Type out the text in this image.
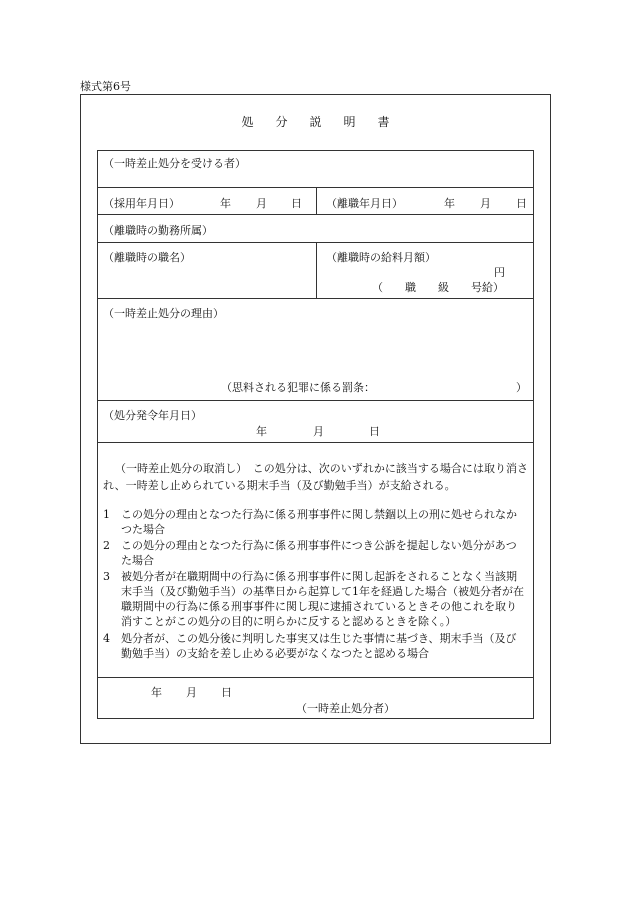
様式第6号
処分説明書
（一時差止処分を受ける者）
（採用年月日）	年 月 日 （離職年月日）	年 月 日
（離職時の勤務所属）
（離職時の職名）	（離職時の給料月額）
円
（　　職　　級　　号給）
（一時差止処分の理由）
（思料される犯罪に係る罰条：	）
（処分発令年月日）
年	月	日
（一時差止処分の取消し）　この処分は、次のいずれかに該当する場合には取り消され、一時差し止められている期末手当（及び勤勉手当）が支給される。
1 この処分の理由となつた行為に係る刑事事件に関し禁錮以上の刑に処せられなかつた場合
2 この処分の理由となつた行為に係る刑事事件につき公訴を提起しない処分があつた場合
3 被処分者が在職期間中の行為に係る刑事事件に関し起訴をされることなく当該期末手当（及び勤勉手当）の基準日から起算して1年を経過した場合（被処分者が在職期間中の行為に係る刑事事件に関し現に逮捕されているときその他これを取り消すことがこの処分の目的に明らかに反すると認めるときを除く。）
4 処分者が、この処分後に判明した事実又は生じた事情に基づき、期末手当（及び勤勉手当）の支給を差し止める必要がなくなつたと認める場合
年 月 日
（一時差止処分者）
